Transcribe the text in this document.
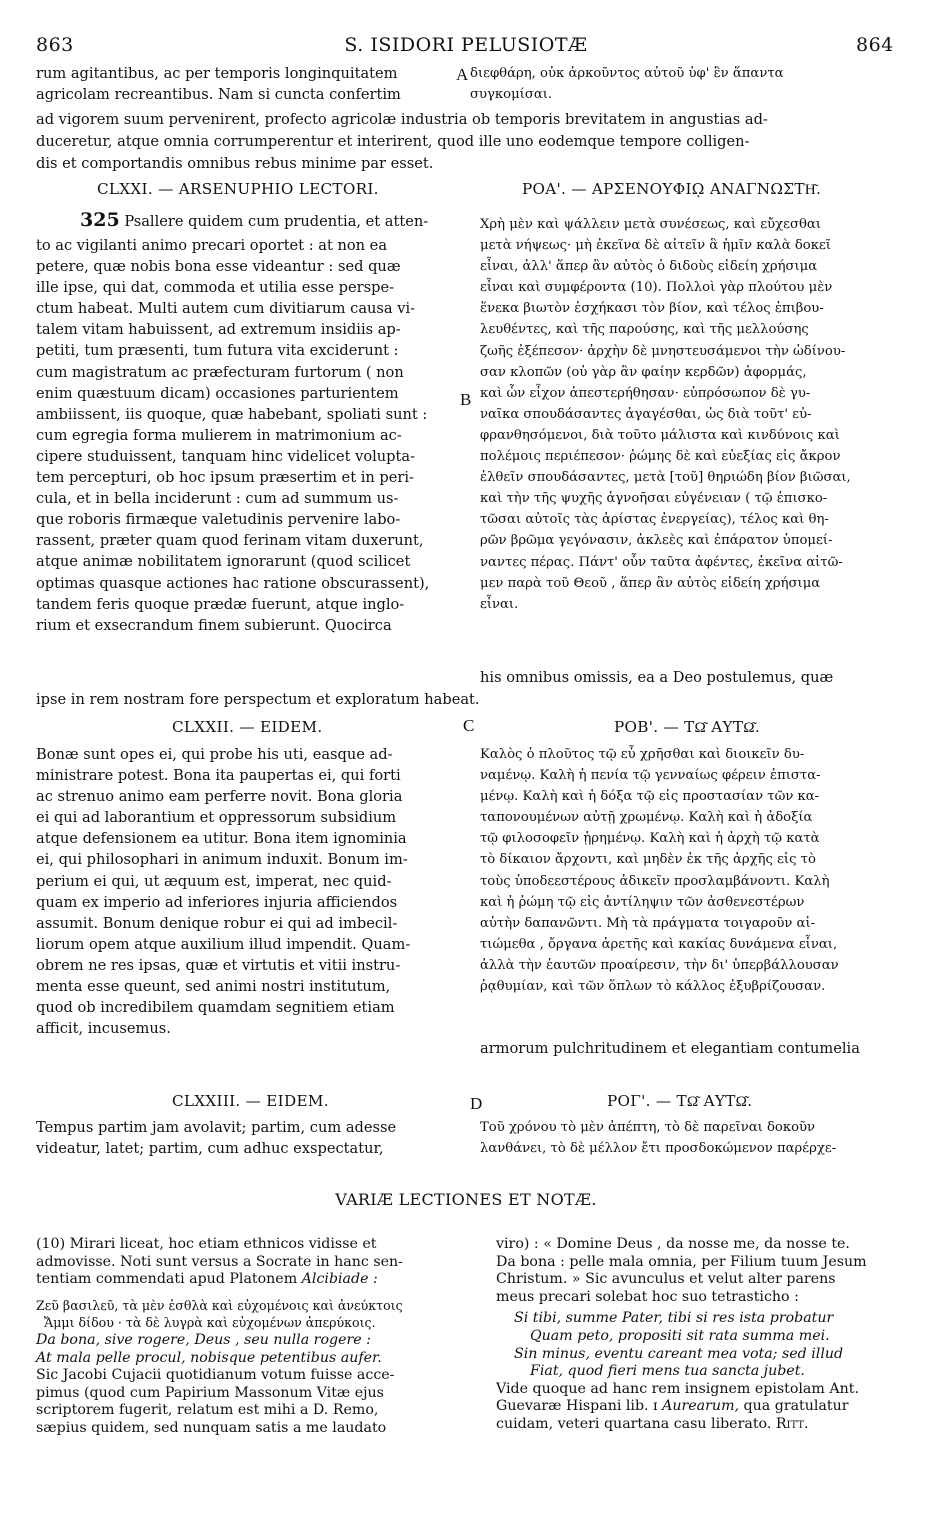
863	S. ISIDORI PELUSIOTÆ	864
rum agitantibus, ac per temporis longinquitatem
agricolam recreantibus. Nam si cuncta confertim
A διεφθάρη, οὐκ ἀρκοῦντος αὐτοῦ ὑφ' ἓν ἅπαντα
συγκομίσαι.
ad vigorem suum pervenirent, profecto agricolæ industria ob temporis brevitatem in angustias ad-
duceretur, atque omnia corrumperentur et interirent, quod ille uno eodemque tempore colligen-
dis et comportandis omnibus rebus minime par esset.
CLXXI. — ARSENUPHIO LECTORI.	ΡΟΑ'. — ΑΡΣΕΝΟΥΦΙῼ ΑΝΑΓΝΩΣΤΗ͂.
325 Psallere quidem cum prudentia, et atten-
to ac vigilanti animo precari oportet : at non ea
petere, quæ nobis bona esse videantur : sed quæ
ille ipse, qui dat, commoda et utilia esse perspe-
ctum habeat. Multi autem cum divitiarum causa vi-
talem vitam habuissent, ad extremum insidiis ap-
petiti, tum præsenti, tum futura vita exciderunt :
cum magistratum ac præfecturam furtorum ( non
enim quæstuum dicam) occasiones parturientem
ambiissent, iis quoque, quæ habebant, spoliati sunt :
cum egregia forma mulierem in matrimonium ac-
cipere studuissent, tanquam hinc videlicet volupta-
tem percepturi, ob hoc ipsum præsertim et in peri-
cula, et in bella inciderunt : cum ad summum us-
que roboris firmæque valetudinis pervenire labo-
rassent, præter quam quod ferinam vitam duxerunt,
atque animæ nobilitatem ignorarunt (quod scilicet
optimas quasque actiones hac ratione obscurassent),
tandem feris quoque prædæ fuerunt, atque inglo-
rium et exsecrandum finem subierunt. Quocirca
B
Χρὴ μὲν καὶ ψάλλειν μετὰ συνέσεως, καὶ εὔχεσθαι
μετὰ νήψεως· μὴ ἐκεῖνα δὲ αἰτεῖν ἃ ἡμῖν καλὰ δοκεῖ
εἶναι, ἀλλ' ἅπερ ἂν αὐτὸς ὁ διδοὺς εἰδείη χρήσιμα
εἶναι καὶ συμφέροντα (10). Πολλοὶ γὰρ πλούτου μὲν
ἕνεκα βιωτὸν ἐσχήκασι τὸν βίον, καὶ τέλος ἐπιβου-
λευθέντες, καὶ τῆς παρούσης, καὶ τῆς μελλούσης
ζωῆς ἐξέπεσον· ἀρχὴν δὲ μνηστευσάμενοι τὴν ὠδίνου-
σαν κλοπῶν (οὐ γὰρ ἂν φαίην κερδῶν) ἀφορμάς,
καὶ ὧν εἶχον ἀπεστερήθησαν· εὐπρόσωπον δὲ γυ-
ναῖκα σπουδάσαντες ἀγαγέσθαι, ὡς διὰ τοῦτ' εὐ-
φρανθησόμενοι, διὰ τοῦτο μάλιστα καὶ κινδύνοις καὶ
πολέμοις περιέπεσον· ῥώμης δὲ καὶ εὐεξίας εἰς ἄκρον
ἐλθεῖν σπουδάσαντες, μετὰ [τοῦ] θηριώδη βίον βιῶσαι,
καὶ τὴν τῆς ψυχῆς ἀγνοῆσαι εὐγένειαν ( τῷ ἐπισκο-
τῶσαι αὐτοῖς τὰς ἀρίστας ἐνεργείας), τέλος καὶ θη-
ρῶν βρῶμα γεγόνασιν, ἀκλεὲς καὶ ἐπάρατον ὑπομεί-
ναντες πέρας. Πάντ' οὖν ταῦτα ἀφέντες, ἐκεῖνα αἰτῶ-
μεν παρὰ τοῦ Θεοῦ , ἅπερ ἂν αὐτὸς εἰδείη χρήσιμα
εἶναι.
his omnibus omissis, ea a Deo postulemus, quæ
ipse in rem nostram fore perspectum et exploratum habeat.
CLXXII. — EIDEM.	C	ΡΟΒ'. — ΤΩ͂ ΑΥΤΩ͂.
Bonæ sunt opes ei, qui probe his uti, easque ad-
ministrare potest. Bona ita paupertas ei, qui forti
ac strenuo animo eam perferre novit. Bona gloria
ei qui ad laborantium et oppressorum subsidium
atque defensionem ea utitur. Bona item ignominia
ei, qui philosophari in animum induxit. Bonum im-
perium ei qui, ut æquum est, imperat, nec quid-
quam ex imperio ad inferiores injuria afficiendos
assumit. Bonum denique robur ei qui ad imbecil-
liorum opem atque auxilium illud impendit. Quam-
obrem ne res ipsas, quæ et virtutis et vitii instru-
menta esse queunt, sed animi nostri institutum,
quod ob incredibilem quamdam segnitiem etiam
afficit, incusemus.
Καλὸς ὁ πλοῦτος τῷ εὖ χρῆσθαι καὶ διοικεῖν δυ-
ναμένῳ. Καλὴ ἡ πενία τῷ γενναίως φέρειν ἐπιστα-
μένῳ. Καλὴ καὶ ἡ δόξα τῷ εἰς προστασίαν τῶν κα-
ταπονουμένων αὐτῇ χρωμένῳ. Καλὴ καὶ ἡ ἀδοξία
τῷ φιλοσοφεῖν ᾑρημένῳ. Καλὴ καὶ ἡ ἀρχὴ τῷ κατὰ
τὸ δίκαιον ἄρχοντι, καὶ μηδὲν ἐκ τῆς ἀρχῆς εἰς τὸ
τοὺς ὑποδεεστέρους ἀδικεῖν προσλαμβάνοντι. Καλὴ
καὶ ἡ ῥώμη τῷ εἰς ἀντίληψιν τῶν ἀσθενεστέρων
αὐτὴν δαπανῶντι. Μὴ τὰ πράγματα τοιγαροῦν αἰ-
τιώμεθα , ὄργανα ἀρετῆς καὶ κακίας δυνάμενα εἶναι,
ἀλλὰ τὴν ἑαυτῶν προαίρεσιν, τὴν δι' ὑπερβάλλουσαν
ῥᾳθυμίαν, καὶ τῶν ὅπλων τὸ κάλλος ἐξυβρίζουσαν.
armorum pulchritudinem et elegantiam contumelia
CLXXIII. — EIDEM.	D	ΡΟΓ'. — ΤΩ͂ ΑΥΤΩ͂.
Tempus partim jam avolavit; partim, cum adesse
videatur, latet; partim, cum adhuc exspectatur,
Τοῦ χρόνου τὸ μὲν ἀπέπτη, τὸ δὲ παρεῖναι δοκοῦν
λανθάνει, τὸ δὲ μέλλον ἔτι προσδοκώμενον παρέρχε-
VARIÆ LECTIONES ET NOTÆ.
(10) Mirari liceat, hoc etiam ethnicos vidisse et
admovisse. Noti sunt versus a Socrate in hanc sen-
tentiam commendati apud Platonem Alcibiade :
Ζεῦ βασιλεῦ, τὰ μὲν ἐσθλὰ καὶ εὐχομένοις καὶ ἀνεύκτοις
Ἄμμι δίδου · τὰ δὲ λυγρὰ καὶ εὐχομένων ἀπερύκοις.
Da bona, sive rogere, Deus , seu nulla rogere :
At mala pelle procul, nobisque petentibus aufer.
Sic Jacobi Cujacii quotidianum votum fuisse acce-
pimus (quod cum Papirium Massonum Vitæ ejus
scriptorem fugerit, relatum est mihi a D. Remo,
sæpius quidem, sed nunquam satis a me laudato
viro) : « Domine Deus , da nosse me, da nosse te.
Da bona : pelle mala omnia, per Filium tuum Jesum
Christum. » Sic avunculus et velut alter parens
meus precari solebat hoc suo tetrasticho :
Si tibi, summe Pater, tibi si res ista probatur
Quam peto, propositi sit rata summa mei.
Sin minus, eventu careant mea vota; sed illud
Fiat, quod fieri mens tua sancta jubet.
Vide quoque ad hanc rem insignem epistolam Ant.
Guevaræ Hispani lib. ɪ Aurearum, qua gratulatur
cuidam, veteri quartana casu liberato. Ritt.
